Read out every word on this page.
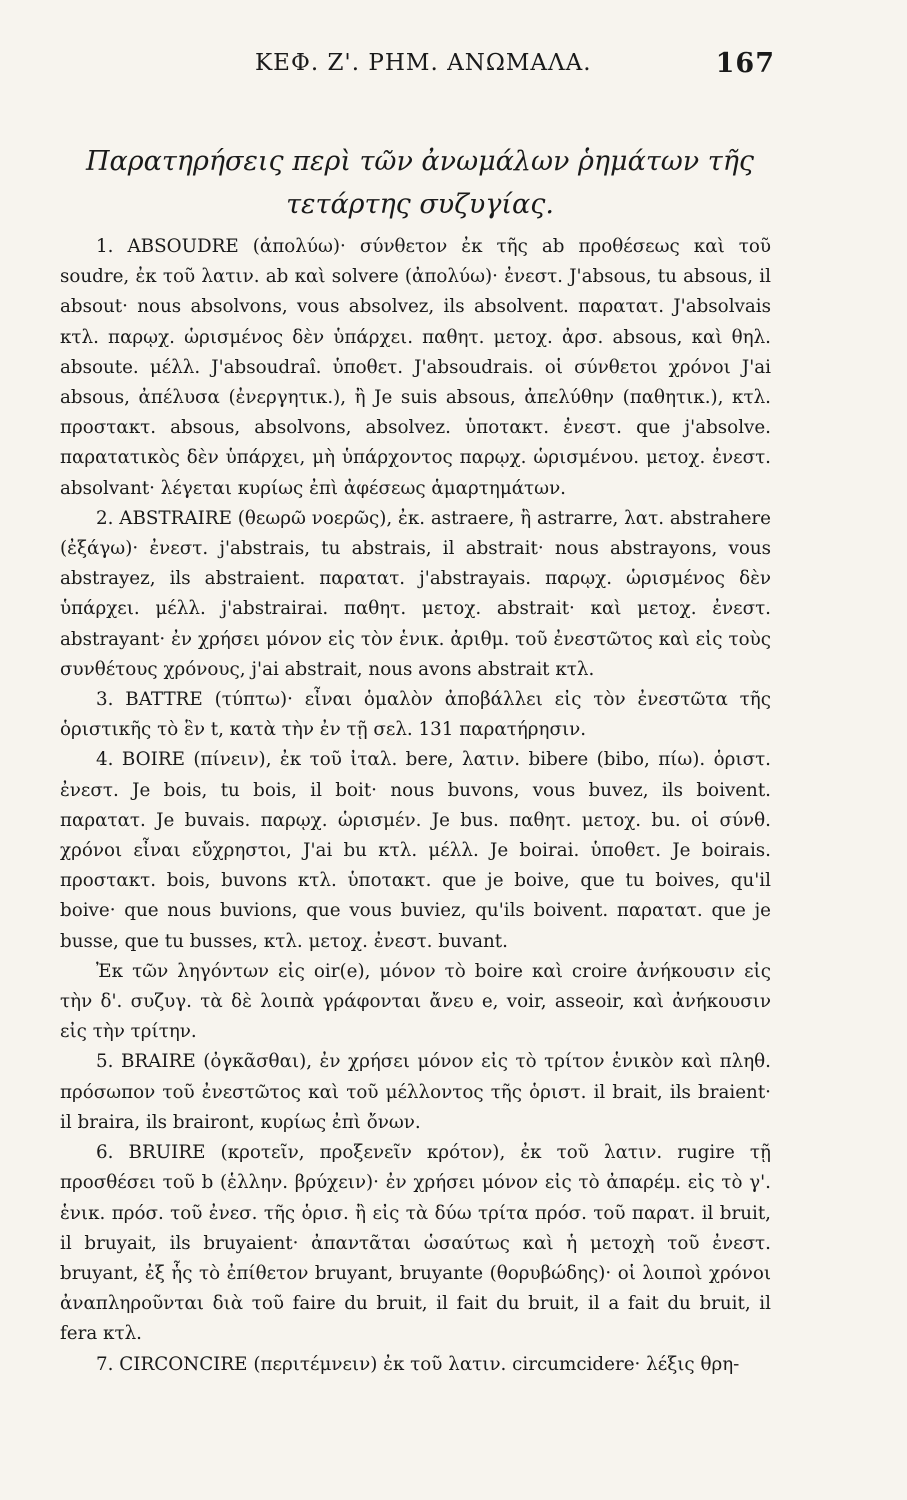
ΚΕΦ. Ζ'. ΡΗΜ. ΑΝΩΜΑΛΑ.	167
Παρατηρήσεις περὶ τῶν ἀνωμάλων ῥημάτων τῆς
τετάρτης συζυγίας.

1. ABSOUDRE (ἀπολύω)· σύνθετον ἐκ τῆς ab προθέσεως καὶ τοῦ soudre, ἐκ τοῦ λατιν. ab καὶ solvere (ἀπολύω)· ἐνεστ. J'absous, tu absous, il absout· nous absolvons, vous absolvez, ils absolvent. παρατατ. J'absolvais κτλ. παρῳχ. ὡρισμένος δὲν ὑπάρχει. παθητ. μετοχ. ἀρσ. absous, καὶ θηλ. absoute. μέλλ. J'absoudraî. ὑποθετ. J'absoudrais. οἱ σύνθετοι χρόνοι J'ai absous, ἀπέλυσα (ἐνεργητικ.), ἢ Je suis absous, ἀπελύθην (παθητικ.), κτλ. προστακτ. absous, absolvons, absolvez. ὑποτακτ. ἐνεστ. que j'absolve. παρατατικὸς δὲν ὑπάρχει, μὴ ὑπάρχοντος παρῳχ. ὡρισμένου. μετοχ. ἐνεστ. absolvant· λέγεται κυρίως ἐπὶ ἀφέσεως ἁμαρτημάτων.

2. ABSTRAIRE (θεωρῶ νοερῶς), ἐκ. astraere, ἢ astrarre, λατ. abstrahere (ἐξάγω)· ἐνεστ. j'abstrais, tu abstrais, il abstrait· nous abstrayons, vous abstrayez, ils abstraient. παρατατ. j'abstrayais. παρῳχ. ὡρισμένος δὲν ὑπάρχει. μέλλ. j'abstrairai. παθητ. μετοχ. abstrait· καὶ μετοχ. ἐνεστ. abstrayant· ἐν χρήσει μόνον εἰς τὸν ἑνικ. ἀριθμ. τοῦ ἐνεστῶτος καὶ εἰς τοὺς συνθέτους χρόνους, j'ai abstrait, nous avons abstrait κτλ.

3. BATTRE (τύπτω)· εἶναι ὁμαλὸν ἀποβάλλει εἰς τὸν ἐνεστῶτα τῆς ὁριστικῆς τὸ ἓν t, κατὰ τὴν ἐν τῇ σελ. 131 παρατήρησιν.

4. BOIRE (πίνειν), ἐκ τοῦ ἰταλ. bere, λατιν. bibere (bibo, πίω). ὁριστ. ἐνεστ. Je bois, tu bois, il boit· nous buvons, vous buvez, ils boivent. παρατατ. Je buvais. παρῳχ. ὡρισμέν. Je bus. παθητ. μετοχ. bu. οἱ σύνθ. χρόνοι εἶναι εὔχρηστοι, J'ai bu κτλ. μέλλ. Je boirai. ὑποθετ. Je boirais. προστακτ. bois, buvons κτλ. ὑποτακτ. que je boive, que tu boives, qu'il boive· que nous buvions, que vous buviez, qu'ils boivent. παρατατ. que je busse, que tu busses, κτλ. μετοχ. ἐνεστ. buvant.

Ἐκ τῶν ληγόντων εἰς oir(e), μόνον τὸ boire καὶ croire ἀνήκουσιν εἰς τὴν δ'. συζυγ. τὰ δὲ λοιπὰ γράφονται ἄνευ e, voir, asseoir, καὶ ἀνήκουσιν εἰς τὴν τρίτην.

5. BRAIRE (ὀγκᾶσθαι), ἐν χρήσει μόνον εἰς τὸ τρίτον ἑνικὸν καὶ πληθ. πρόσωπον τοῦ ἐνεστῶτος καὶ τοῦ μέλλοντος τῆς ὁριστ. il brait, ils braient· il braira, ils brairont, κυρίως ἐπὶ ὄνων.

6. BRUIRE (κροτεῖν, προξενεῖν κρότον), ἐκ τοῦ λατιν. rugire τῇ προσθέσει τοῦ b (ἑλλην. βρύχειν)· ἐν χρήσει μόνον εἰς τὸ ἀπαρέμ. εἰς τὸ γ'. ἑνικ. πρόσ. τοῦ ἐνεσ. τῆς ὁρισ. ἢ εἰς τὰ δύω τρίτα πρόσ. τοῦ παρατ. il bruit, il bruyait, ils bruyaient· ἀπαντᾶται ὡσαύτως καὶ ἡ μετοχὴ τοῦ ἐνεστ. bruyant, ἐξ ἧς τὸ ἐπίθετον bruyant, bruyante (θορυβώδης)· οἱ λοιποὶ χρόνοι ἀναπληροῦνται διὰ τοῦ faire du bruit, il fait du bruit, il a fait du bruit, il fera κτλ.

7. CIRCONCIRE (περιτέμνειν) ἐκ τοῦ λατιν. circumcidere· λέξις θρη-
